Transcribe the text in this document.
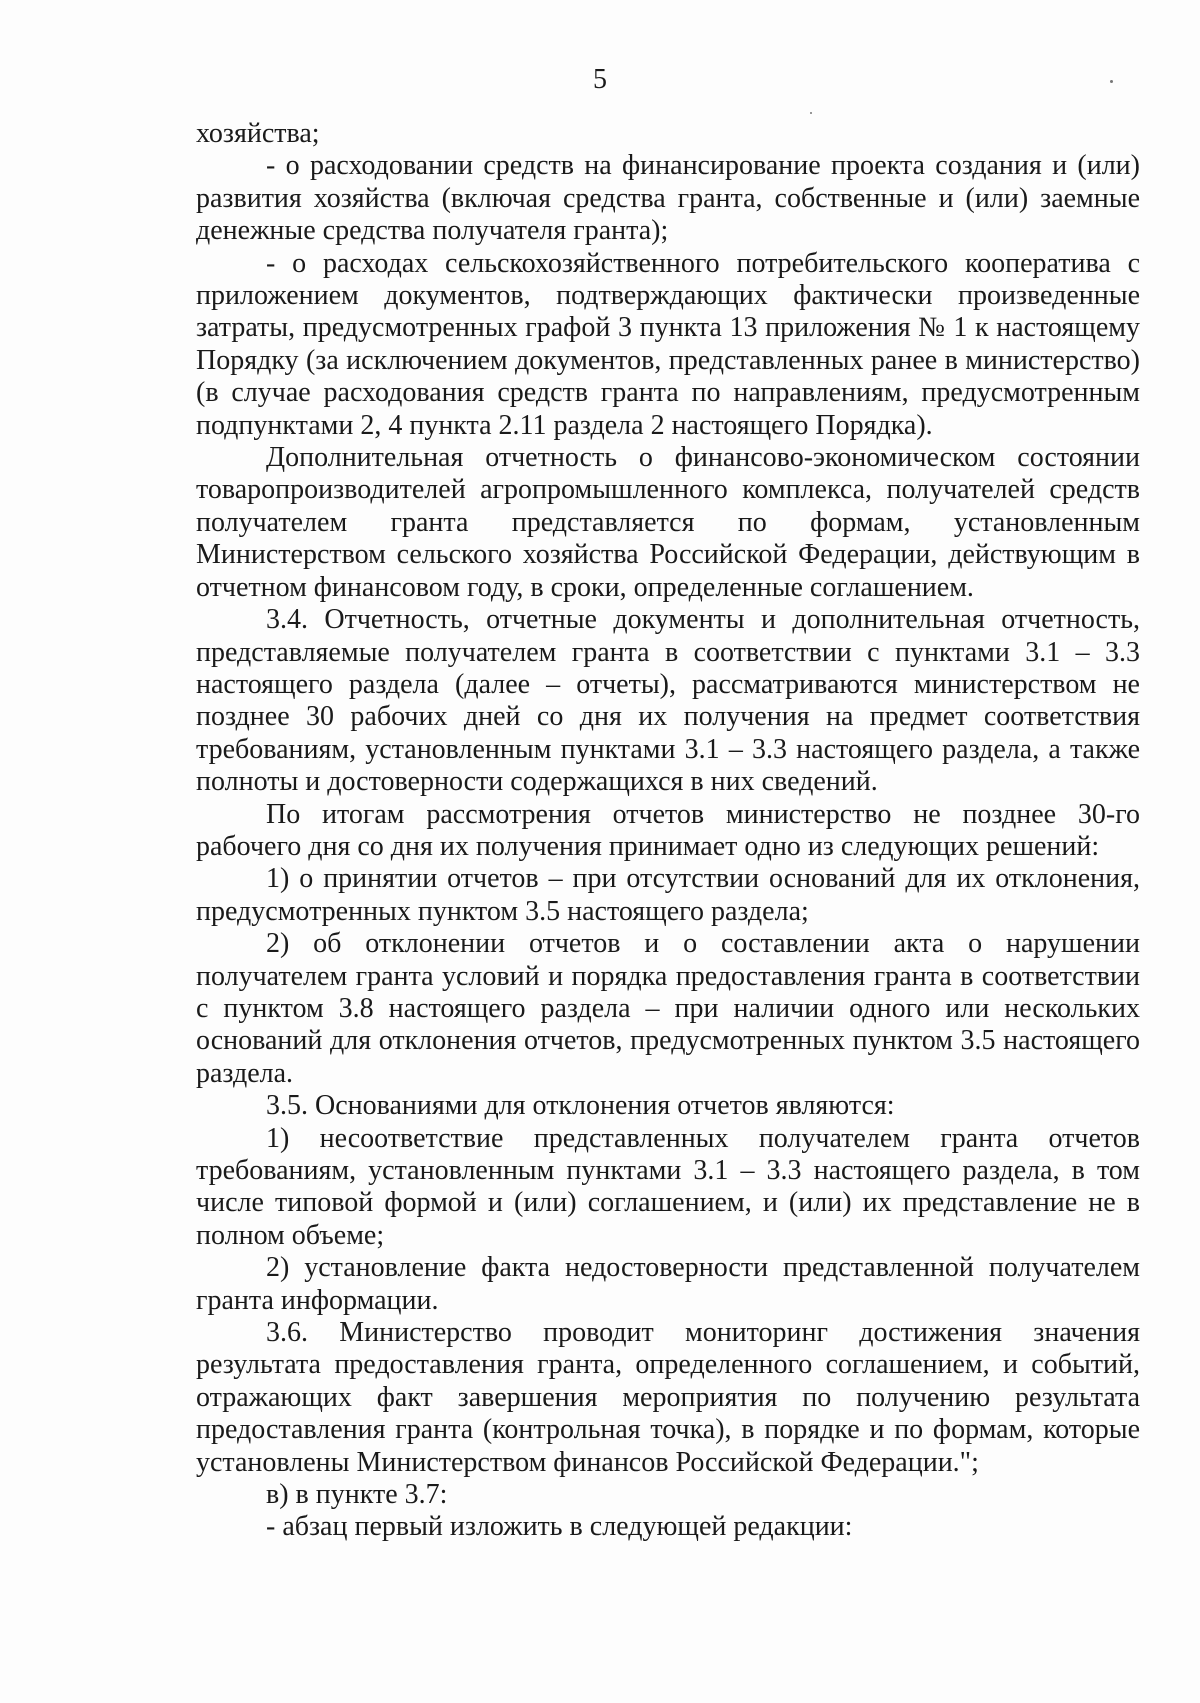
5

хозяйства;

- о расходовании средств на финансирование проекта создания и (или) развития хозяйства (включая средства гранта, собственные и (или) заемные денежные средства получателя гранта);

- о расходах сельскохозяйственного потребительского кооператива с приложением документов, подтверждающих фактически произведенные затраты, предусмотренных графой 3 пункта 13 приложения № 1 к настоящему Порядку (за исключением документов, представленных ранее в министерство) (в случае расходования средств гранта по направлениям, предусмотренным подпунктами 2, 4 пункта 2.11 раздела 2 настоящего Порядка).

Дополнительная отчетность о финансово-экономическом состоянии товаропроизводителей агропромышленного комплекса, получателей средств получателем гранта представляется по формам, установленным Министерством сельского хозяйства Российской Федерации, действующим в отчетном финансовом году, в сроки, определенные соглашением.

3.4. Отчетность, отчетные документы и дополнительная отчетность, представляемые получателем гранта в соответствии с пунктами 3.1 – 3.3 настоящего раздела (далее – отчеты), рассматриваются министерством не позднее 30 рабочих дней со дня их получения на предмет соответствия требованиям, установленным пунктами 3.1 – 3.3 настоящего раздела, а также полноты и достоверности содержащихся в них сведений.

По итогам рассмотрения отчетов министерство не позднее 30-го рабочего дня со дня их получения принимает одно из следующих решений:

1) о принятии отчетов – при отсутствии оснований для их отклонения, предусмотренных пунктом 3.5 настоящего раздела;

2) об отклонении отчетов и о составлении акта о нарушении получателем гранта условий и порядка предоставления гранта в соответствии с пунктом 3.8 настоящего раздела – при наличии одного или нескольких оснований для отклонения отчетов, предусмотренных пунктом 3.5 настоящего раздела.

3.5. Основаниями для отклонения отчетов являются:

1) несоответствие представленных получателем гранта отчетов требованиям, установленным пунктами 3.1 – 3.3 настоящего раздела, в том числе типовой формой и (или) соглашением, и (или) их представление не в полном объеме;

2) установление факта недостоверности представленной получателем гранта информации.

3.6. Министерство проводит мониторинг достижения значения результата предоставления гранта, определенного соглашением, и событий, отражающих факт завершения мероприятия по получению результата предоставления гранта (контрольная точка), в порядке и по формам, которые установлены Министерством финансов Российской Федерации.";

в) в пункте 3.7:

- абзац первый изложить в следующей редакции:
